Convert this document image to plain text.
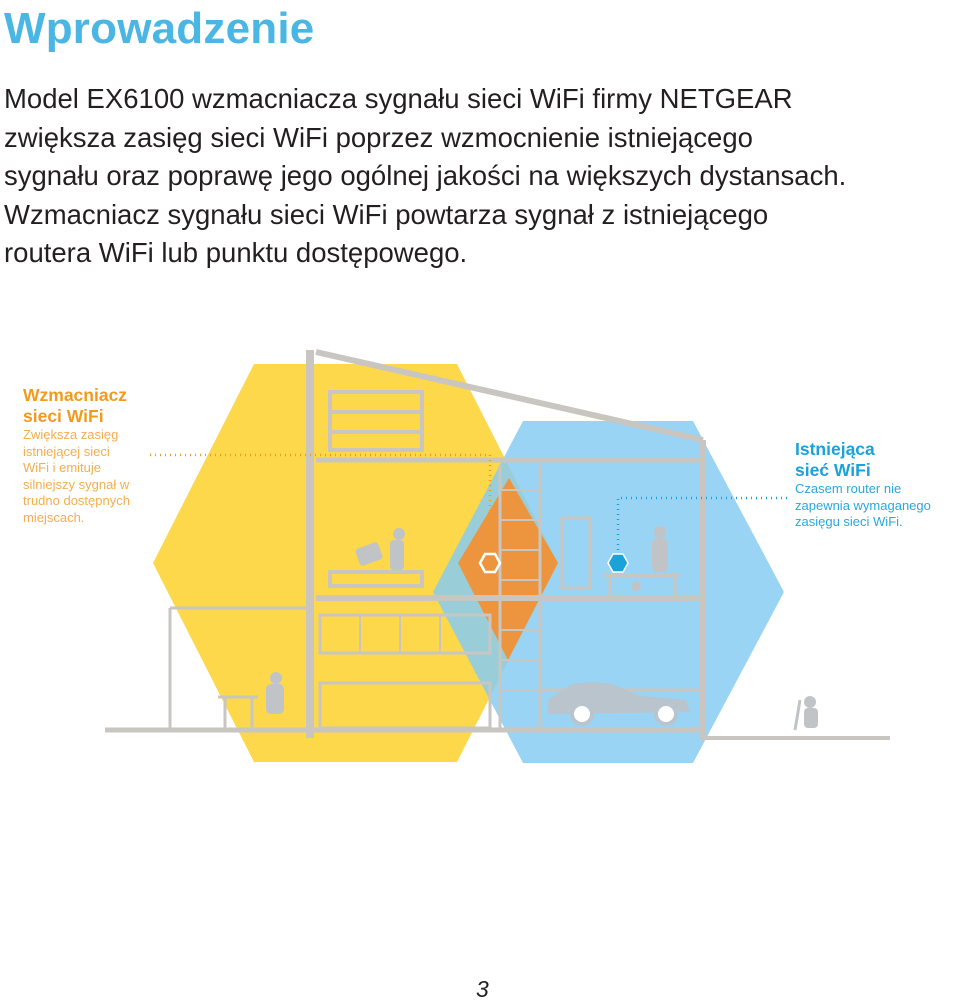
Wprowadzenie
Model EX6100 wzmacniacza sygnału sieci WiFi firmy NETGEAR
zwiększa zasięg sieci WiFi poprzez wzmocnienie istniejącego
sygnału oraz poprawę jego ogólnej jakości na większych dystansach.
Wzmacniacz sygnału sieci WiFi powtarza sygnał z istniejącego
routera WiFi lub punktu dostępowego.
Wzmacniacz
sieci WiFi
Zwiększa zasięg
istniejącej sieci
WiFi i emituje
silniejszy sygnał w
trudno dostępnych
miejscach.
Istniejąca
sieć WiFi
Czasem router nie
zapewnia wymaganego
zasięgu sieci WiFi.
3
